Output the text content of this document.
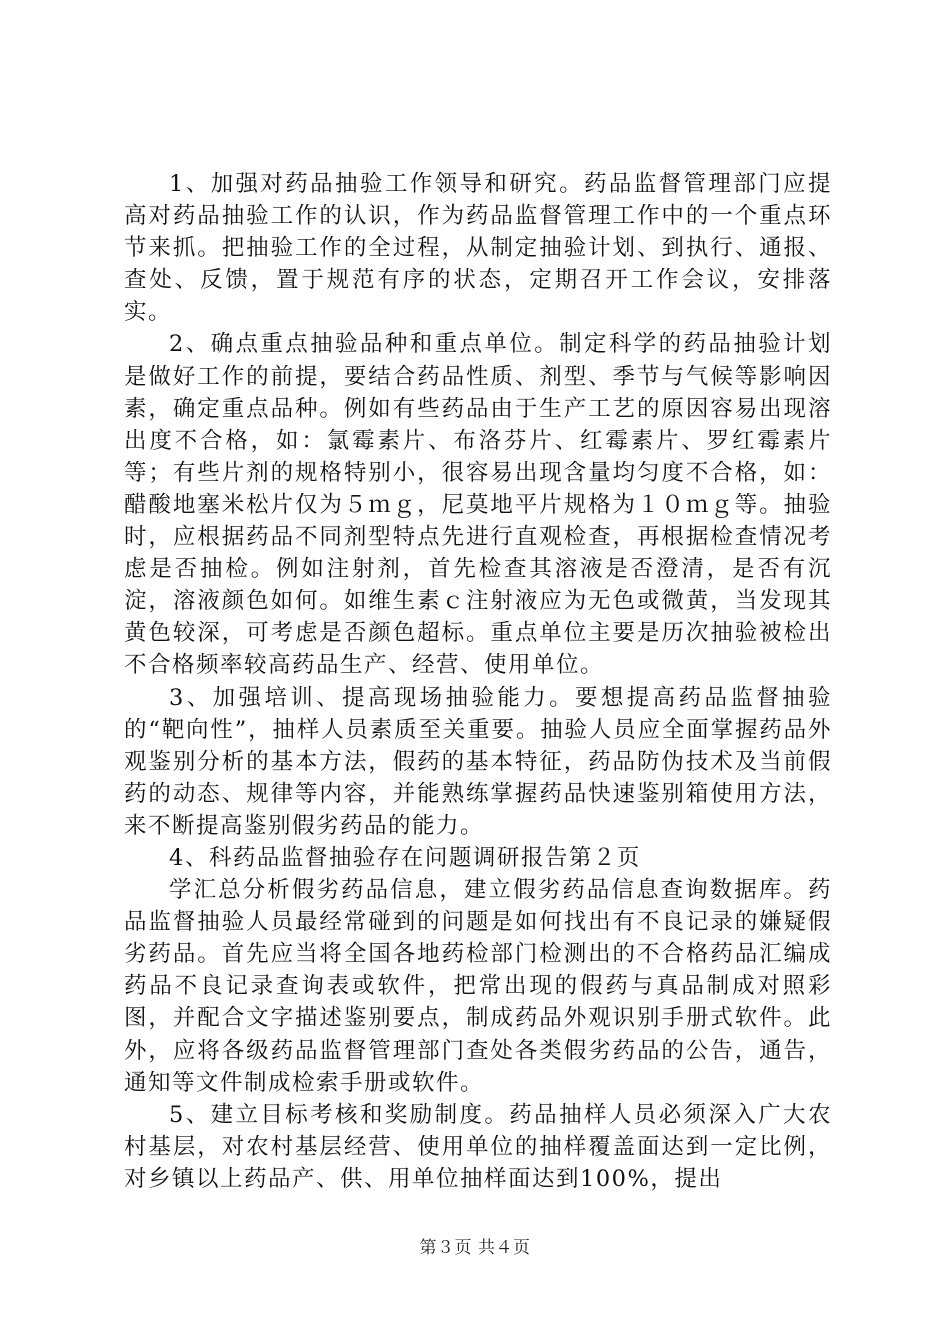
1、加强对药品抽验工作领导和研究。药品监督管理部门应提高对药品抽验工作的认识，作为药品监督管理工作中的一个重点环节来抓。把抽验工作的全过程，从制定抽验计划、到执行、通报、查处、反馈，置于规范有序的状态，定期召开工作会议，安排落实。

2、确点重点抽验品种和重点单位。制定科学的药品抽验计划是做好工作的前提，要结合药品性质、剂型、季节与气候等影响因素，确定重点品种。例如有些药品由于生产工艺的原因容易出现溶出度不合格，如：氯霉素片、布洛芬片、红霉素片、罗红霉素片等；有些片剂的规格特别小，很容易出现含量均匀度不合格，如：醋酸地塞米松片仅为５ｍｇ，尼莫地平片规格为１０ｍｇ等。抽验时，应根据药品不同剂型特点先进行直观检查，再根据检查情况考虑是否抽检。例如注射剂，首先检查其溶液是否澄清，是否有沉淀，溶液颜色如何。如维生素ｃ注射液应为无色或微黄，当发现其黄色较深，可考虑是否颜色超标。重点单位主要是历次抽验被检出不合格频率较高药品生产、经营、使用单位。

3、加强培训、提高现场抽验能力。要想提高药品监督抽验的“靶向性”，抽样人员素质至关重要。抽验人员应全面掌握药品外观鉴别分析的基本方法，假药的基本特征，药品防伪技术及当前假药的动态、规律等内容，并能熟练掌握药品快速鉴别箱使用方法，来不断提高鉴别假劣药品的能力。

4、科药品监督抽验存在问题调研报告第２页

学汇总分析假劣药品信息，建立假劣药品信息查询数据库。药品监督抽验人员最经常碰到的问题是如何找出有不良记录的嫌疑假劣药品。首先应当将全国各地药检部门检测出的不合格药品汇编成药品不良记录查询表或软件，把常出现的假药与真品制成对照彩图，并配合文字描述鉴别要点，制成药品外观识别手册式软件。此外，应将各级药品监督管理部门查处各类假劣药品的公告，通告，通知等文件制成检索手册或软件。

5、建立目标考核和奖励制度。药品抽样人员必须深入广大农村基层，对农村基层经营、使用单位的抽样覆盖面达到一定比例，对乡镇以上药品产、供、用单位抽样面达到100%，提出

第３页 共４页
